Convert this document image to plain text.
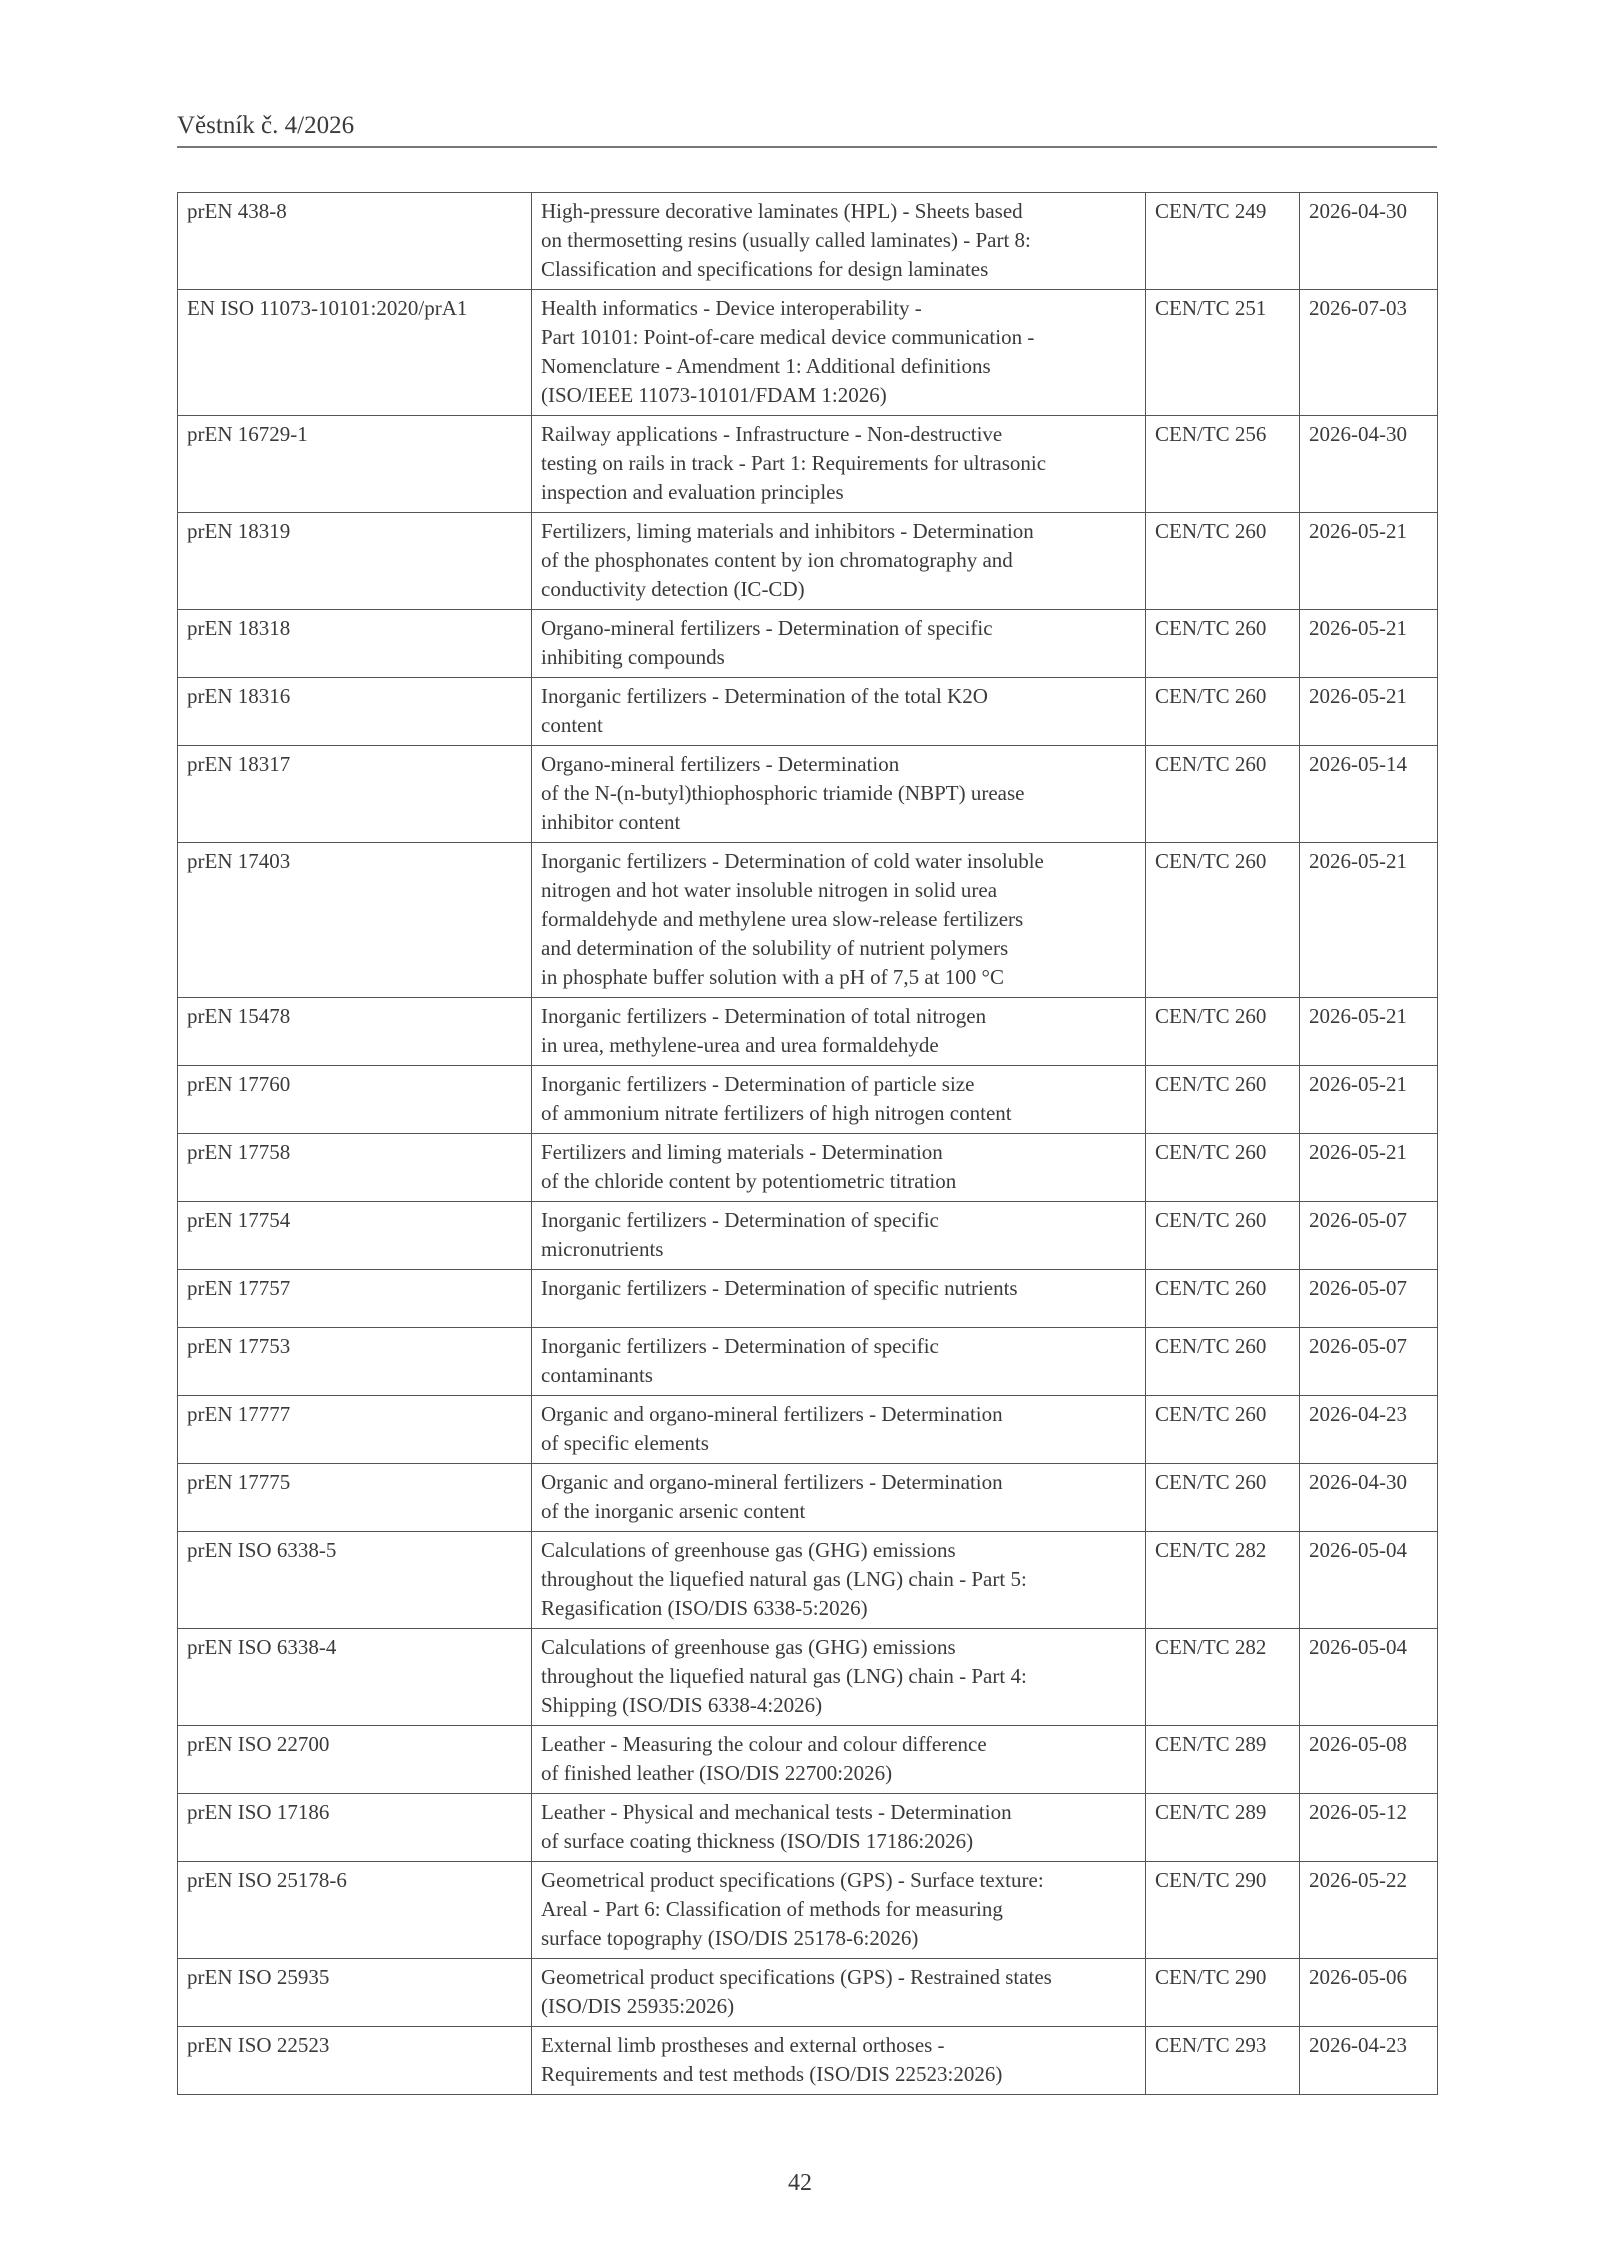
Věstník č. 4/2026
prEN 438-8	High-pressure decorative laminates (HPL) - Sheets based
on thermosetting resins (usually called laminates) - Part 8:
Classification and specifications for design laminates	CEN/TC 249	2026-04-30
EN ISO 11073-10101:2020/prA1	Health informatics - Device interoperability -
Part 10101: Point-of-care medical device communication -
Nomenclature - Amendment 1: Additional definitions
(ISO/IEEE 11073-10101/FDAM 1:2026)	CEN/TC 251	2026-07-03
prEN 16729-1	Railway applications - Infrastructure - Non-destructive
testing on rails in track - Part 1: Requirements for ultrasonic
inspection and evaluation principles	CEN/TC 256	2026-04-30
prEN 18319	Fertilizers, liming materials and inhibitors - Determination
of the phosphonates content by ion chromatography and
conductivity detection (IC-CD)	CEN/TC 260	2026-05-21
prEN 18318	Organo-mineral fertilizers - Determination of specific
inhibiting compounds	CEN/TC 260	2026-05-21
prEN 18316	Inorganic fertilizers - Determination of the total K2O
content	CEN/TC 260	2026-05-21
prEN 18317	Organo-mineral fertilizers - Determination
of the N-(n-butyl)thiophosphoric triamide (NBPT) urease
inhibitor content	CEN/TC 260	2026-05-14
prEN 17403	Inorganic fertilizers - Determination of cold water insoluble
nitrogen and hot water insoluble nitrogen in solid urea
formaldehyde and methylene urea slow-release fertilizers
and determination of the solubility of nutrient polymers
in phosphate buffer solution with a pH of 7,5 at 100 °C	CEN/TC 260	2026-05-21
prEN 15478	Inorganic fertilizers - Determination of total nitrogen
in urea, methylene-urea and urea formaldehyde	CEN/TC 260	2026-05-21
prEN 17760	Inorganic fertilizers - Determination of particle size
of ammonium nitrate fertilizers of high nitrogen content	CEN/TC 260	2026-05-21
prEN 17758	Fertilizers and liming materials - Determination
of the chloride content by potentiometric titration	CEN/TC 260	2026-05-21
prEN 17754	Inorganic fertilizers - Determination of specific
micronutrients	CEN/TC 260	2026-05-07
prEN 17757	Inorganic fertilizers - Determination of specific nutrients	CEN/TC 260	2026-05-07
prEN 17753	Inorganic fertilizers - Determination of specific
contaminants	CEN/TC 260	2026-05-07
prEN 17777	Organic and organo-mineral fertilizers - Determination
of specific elements	CEN/TC 260	2026-04-23
prEN 17775	Organic and organo-mineral fertilizers - Determination
of the inorganic arsenic content	CEN/TC 260	2026-04-30
prEN ISO 6338-5	Calculations of greenhouse gas (GHG) emissions
throughout the liquefied natural gas (LNG) chain - Part 5:
Regasification (ISO/DIS 6338-5:2026)	CEN/TC 282	2026-05-04
prEN ISO 6338-4	Calculations of greenhouse gas (GHG) emissions
throughout the liquefied natural gas (LNG) chain - Part 4:
Shipping (ISO/DIS 6338-4:2026)	CEN/TC 282	2026-05-04
prEN ISO 22700	Leather - Measuring the colour and colour difference
of finished leather (ISO/DIS 22700:2026)	CEN/TC 289	2026-05-08
prEN ISO 17186	Leather - Physical and mechanical tests - Determination
of surface coating thickness (ISO/DIS 17186:2026)	CEN/TC 289	2026-05-12
prEN ISO 25178-6	Geometrical product specifications (GPS) - Surface texture:
Areal - Part 6: Classification of methods for measuring
surface topography (ISO/DIS 25178-6:2026)	CEN/TC 290	2026-05-22
prEN ISO 25935	Geometrical product specifications (GPS) - Restrained states
(ISO/DIS 25935:2026)	CEN/TC 290	2026-05-06
prEN ISO 22523	External limb prostheses and external orthoses -
Requirements and test methods (ISO/DIS 22523:2026)	CEN/TC 293	2026-04-23
42
